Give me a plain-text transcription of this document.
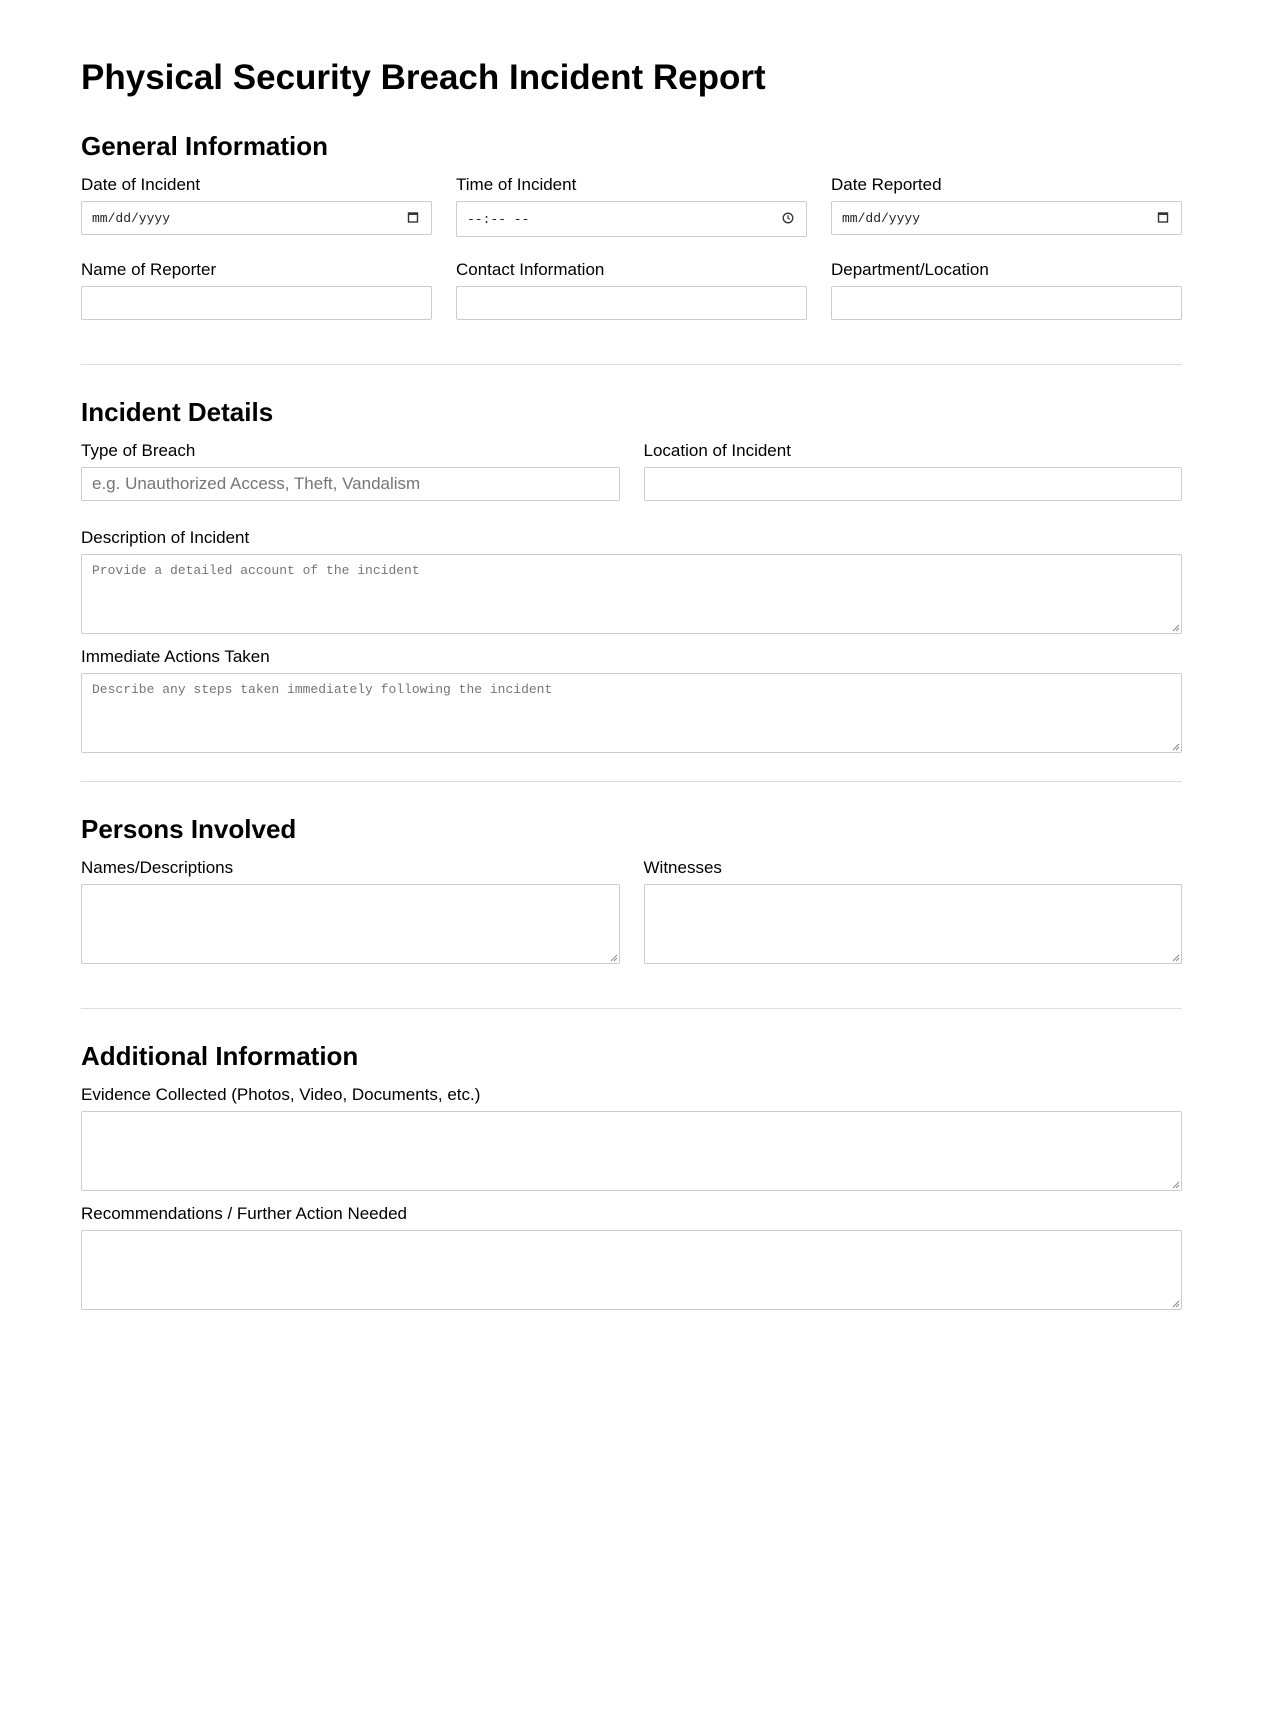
Physical Security Breach Incident Report
General Information
Date of Incident
mm/dd/yyyy
Time of Incident
--:-- --
Date Reported
mm/dd/yyyy
Name of Reporter	Contact Information	Department/Location
Incident Details
Type of Breach
e.g. Unauthorized Access, Theft, Vandalism
Location of Incident
Description of Incident
Provide a detailed account of the incident
Immediate Actions Taken
Describe any steps taken immediately following the incident
Persons Involved
Names/Descriptions	Witnesses
Additional Information
Evidence Collected (Photos, Video, Documents, etc.)
Recommendations / Further Action Needed
